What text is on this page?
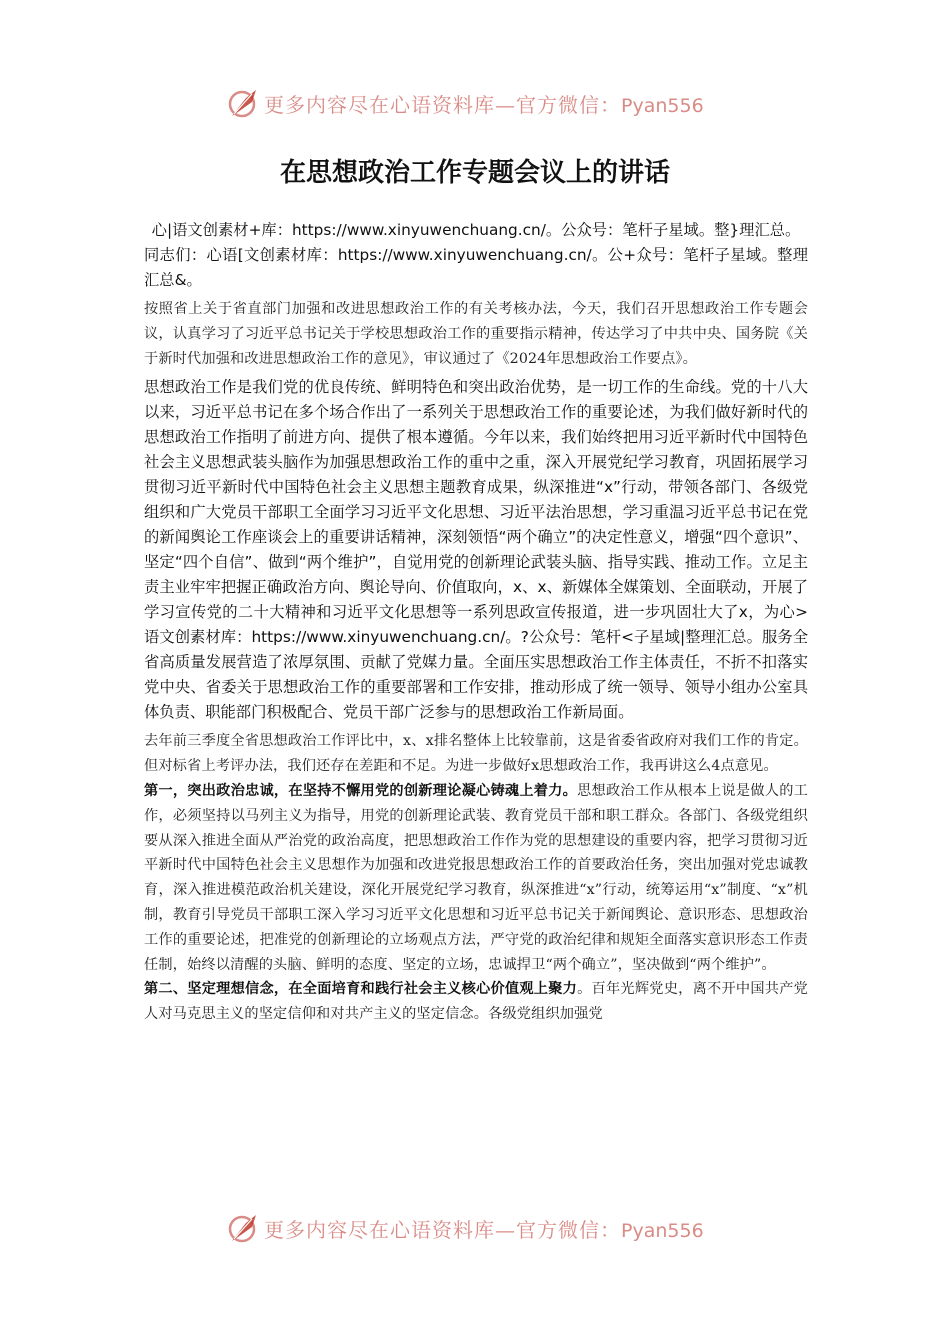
更多内容尽在心语资料库—官方微信：Pyan556
在思想政治工作专题会议上的讲话

心|语文创素材+库：https://www.xinyuwenchuang.cn/。公众号：笔杆子星域。整}理汇总。

同志们：心语[文创素材库：https://www.xinyuwenchuang.cn/。公+众号：笔杆子星域。整理汇总&。

按照省上关于省直部门加强和改进思想政治工作的有关考核办法，今天，我们召开思想政治工作专题会议，认真学习了习近平总书记关于学校思想政治工作的重要指示精神，传达学习了中共中央、国务院《关于新时代加强和改进思想政治工作的意见》，审议通过了《2024年思想政治工作要点》。

思想政治工作是我们党的优良传统、鲜明特色和突出政治优势，是一切工作的生命线。党的十八大以来，习近平总书记在多个场合作出了一系列关于思想政治工作的重要论述，为我们做好新时代的思想政治工作指明了前进方向、提供了根本遵循。今年以来，我们始终把用习近平新时代中国特色社会主义思想武装头脑作为加强思想政治工作的重中之重，深入开展党纪学习教育，巩固拓展学习贯彻习近平新时代中国特色社会主义思想主题教育成果，纵深推进“x”行动，带领各部门、各级党组织和广大党员干部职工全面学习习近平文化思想、习近平法治思想，学习重温习近平总书记在党的新闻舆论工作座谈会上的重要讲话精神，深刻领悟“两个确立”的决定性意义，增强“四个意识”、坚定“四个自信”、做到“两个维护”，自觉用党的创新理论武装头脑、指导实践、推动工作。立足主责主业牢牢把握正确政治方向、舆论导向、价值取向，x、x、新媒体全媒策划、全面联动，开展了学习宣传党的二十大精神和习近平文化思想等一系列思政宣传报道，进一步巩固壮大了x，为心>语文创素材库：https://www.xinyuwenchuang.cn/。?公众号：笔杆<子星域|整理汇总。服务全省高质量发展营造了浓厚氛围、贡献了党媒力量。全面压实思想政治工作主体责任，不折不扣落实党中央、省委关于思想政治工作的重要部署和工作安排，推动形成了统一领导、领导小组办公室具体负责、职能部门积极配合、党员干部广泛参与的思想政治工作新局面。

去年前三季度全省思想政治工作评比中，x、x排名整体上比较靠前，这是省委省政府对我们工作的肯定。但对标省上考评办法，我们还存在差距和不足。为进一步做好x思想政治工作，我再讲这么4点意见。

第一，突出政治忠诚，在坚持不懈用党的创新理论凝心铸魂上着力。思想政治工作从根本上说是做人的工作，必须坚持以马列主义为指导，用党的创新理论武装、教育党员干部和职工群众。各部门、各级党组织要从深入推进全面从严治党的政治高度，把思想政治工作作为党的思想建设的重要内容，把学习贯彻习近平新时代中国特色社会主义思想作为加强和改进党报思想政治工作的首要政治任务，突出加强对党忠诚教育，深入推进模范政治机关建设，深化开展党纪学习教育，纵深推进“x”行动，统筹运用“x”制度、“x”机制，教育引导党员干部职工深入学习习近平文化思想和习近平总书记关于新闻舆论、意识形态、思想政治工作的重要论述，把准党的创新理论的立场观点方法，严守党的政治纪律和规矩全面落实意识形态工作责任制，始终以清醒的头脑、鲜明的态度、坚定的立场，忠诚捍卫“两个确立”，坚决做到“两个维护”。

第二、坚定理想信念，在全面培育和践行社会主义核心价值观上聚力。百年光辉党史，离不开中国共产党人对马克思主义的坚定信仰和对共产主义的坚定信念。各级党组织加强党

更多内容尽在心语资料库—官方微信：Pyan556
